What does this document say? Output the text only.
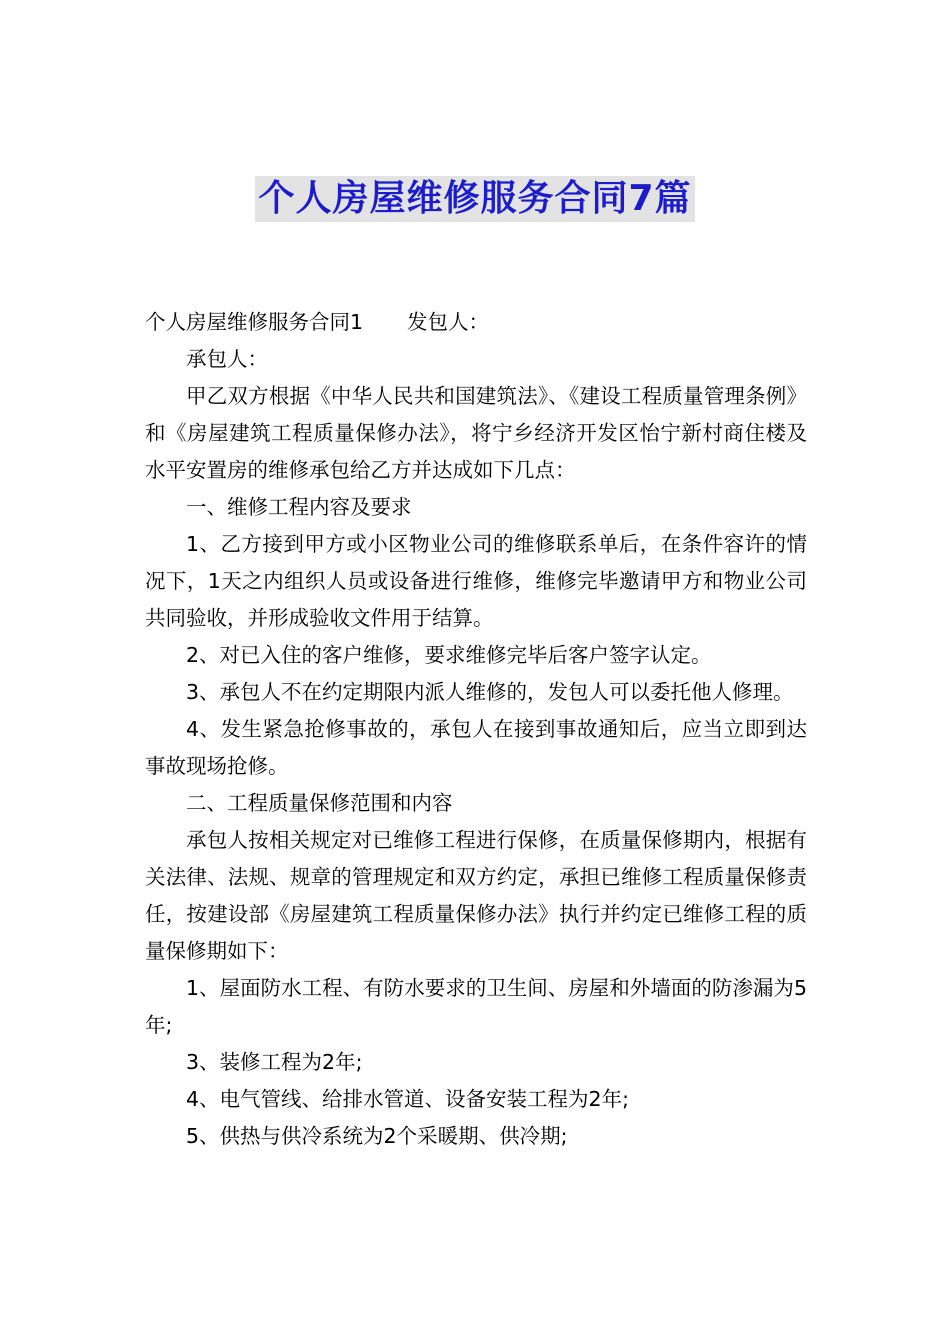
个人房屋维修服务合同7篇

个人房屋维修服务合同1 发包人：

承包人：

甲乙双方根据《中华人民共和国建筑法》、《建设工程质量管理条例》和《房屋建筑工程质量保修办法》，将宁乡经济开发区怡宁新村商住楼及水平安置房的维修承包给乙方并达成如下几点：

一、维修工程内容及要求

1、乙方接到甲方或小区物业公司的维修联系单后，在条件容许的情况下，1天之内组织人员或设备进行维修，维修完毕邀请甲方和物业公司共同验收，并形成验收文件用于结算。

2、对已入住的客户维修，要求维修完毕后客户签字认定。

3、承包人不在约定期限内派人维修的，发包人可以委托他人修理。

4、发生紧急抢修事故的，承包人在接到事故通知后，应当立即到达事故现场抢修。

二、工程质量保修范围和内容

承包人按相关规定对已维修工程进行保修，在质量保修期内，根据有关法律、法规、规章的管理规定和双方约定，承担已维修工程质量保修责任，按建设部《房屋建筑工程质量保修办法》执行并约定已维修工程的质量保修期如下：

1、屋面防水工程、有防水要求的卫生间、房屋和外墙面的防渗漏为5年;

3、装修工程为2年;

4、电气管线、给排水管道、设备安装工程为2年;

5、供热与供冷系统为2个采暖期、供冷期;
